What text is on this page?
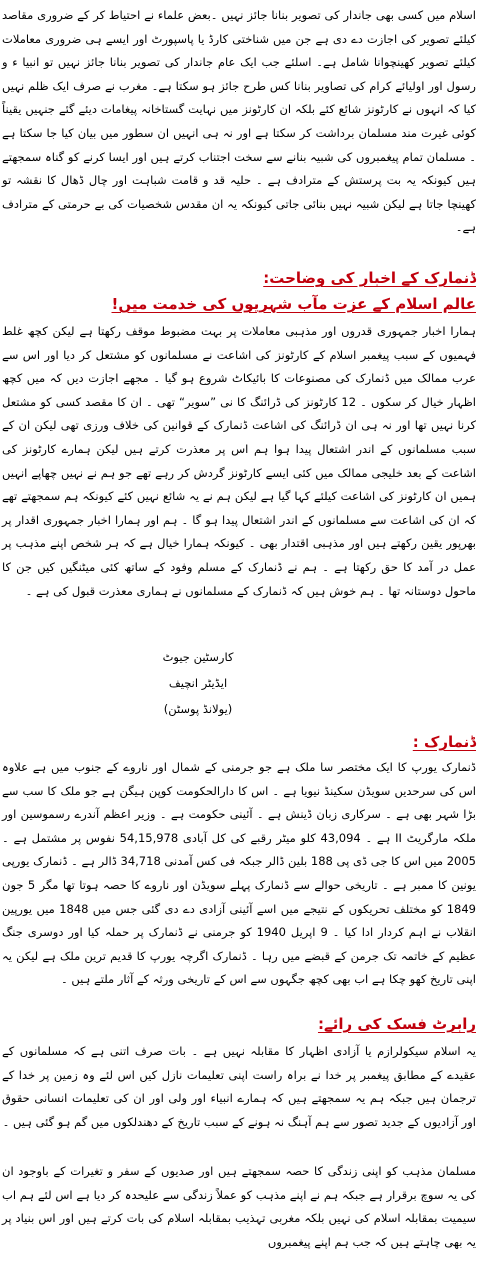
اسلام میں کسی بھی جاندار کی تصویر بنانا جائز نہیں ۔بعض علماء نے احتیاط کر کے ضروری مقاصد کیلئے تصویر کی اجازت دے دی ہے جن میں شناختی کارڈ یا پاسپورٹ اور ایسے ہی ضروری معاملات کیلئے تصویر کھینچوانا شامل ہے۔ اسلئے جب ایک عام جاندار کی تصویر بنانا جائز نہیں تو انبیا ء و رسول اور اولیائے کرام کی تصاویر بنانا کس طرح جائز ہو سکتا ہے۔ مغرب نے صرف ایک ظلم نہیں کیا کہ انہوں نے کارٹونز شائع کئے بلکہ ان کارٹونز میں نہایت گستاخانہ پیغامات دیئے گئے جنہیں یقیناً کوئی غیرت مند مسلمان برداشت کر سکتا ہے اور نہ ہی انہیں ان سطور میں بیان کیا جا سکتا ہے ۔ مسلمان تمام پیغمبروں کی شبیہ بنانے سے سخت اجتناب کرتے ہیں اور ایسا کرنے کو گناہ سمجھتے ہیں کیونکہ یہ بت پرستش کے مترادف ہے ۔ حلیہ قد و قامت شباہت اور چال ڈھال کا نقشہ تو کھینچا جاتا ہے لیکن شبیہ نہیں بنائی جاتی کیونکہ یہ ان مقدس شخصیات کی بے حرمتی کے مترادف ہے۔

ڈنمارک کے اخبار کی وضاحت:
عالم اسلام کے عزت مآب شہریوں کی خدمت میں!

ہمارا اخبار جمہوری قدروں اور مذہبی معاملات پر بہت مضبوط موقف رکھتا ہے لیکن کچھ غلط فہمیوں کے سبب پیغمبر اسلام کے کارٹونز کی اشاعت نے مسلمانوں کو مشتعل کر دیا اور اس سے عرب ممالک میں ڈنمارک کی مصنوعات کا بائیکاٹ شروع ہو گیا ۔ مجھے اجازت دیں کہ میں کچھ اظہار خیال کر سکوں ۔ 12 کارٹونز کی ڈرائنگ کا نی ”سویر“ تھی ۔ ان کا مقصد کسی کو مشتعل کرنا نہیں تھا اور نہ ہی ان ڈرائنگ کی اشاعت ڈنمارک کے قوانین کی خلاف ورزی تھی لیکن ان کے سبب مسلمانوں کے اندر اشتعال پیدا ہوا ہم اس پر معذرت کرتے ہیں لیکن ہمارے کارٹونز کی اشاعت کے بعد خلیجی ممالک میں کئی ایسے کارٹونز گردش کر رہے تھے جو ہم نے نہیں چھاپے انہیں ہمیں ان کارٹونز کی اشاعت کیلئے کہا گیا ہے لیکن ہم نے یہ شائع نہیں کئے کیونکہ ہم سمجھتے تھے کہ ان کی اشاعت سے مسلمانوں کے اندر اشتعال پیدا ہو گا ۔ ہم اور ہمارا اخبار جمہوری اقدار پر بھرپور یقین رکھتے ہیں اور مذہبی اقتدار بھی ۔ کیونکہ ہمارا خیال ہے کہ ہر شخص اپنے مذہب پر عمل در آمد کا حق رکھتا ہے ۔ ہم نے ڈنمارک کے مسلم وفود کے ساتھ کئی میٹنگیں کیں جن کا ماحول دوستانہ تھا ۔ ہم خوش ہیں کہ ڈنمارک کے مسلمانوں نے ہماری معذرت قبول کی ہے ۔

کارسٹین جیوٹ

ایڈیٹر انچیف

(یولانڈ پوسٹن)

ڈنمارک :

ڈنمارک یورپ کا ایک مختصر سا ملک ہے جو جرمنی کے شمال اور ناروے کے جنوب میں ہے علاوہ اس کی سرحدیں سویڈن سکینڈ نیویا ہے ۔ اس کا دارالحکومت کوپن ہیگن ہے جو ملک کا سب سے بڑا شہر بھی ہے ۔ سرکاری زبان ڈینش ہے ۔ آئینی حکومت ہے ۔ وزیر اعظم آندرے رسموسین اور ملکہ مارگریٹ II ہے ۔ 43,094 کلو میٹر رقبے کی کل آبادی 54,15,978 نفوس پر مشتمل ہے ۔ 2005 میں اس کا جی ڈی پی 188 بلین ڈالر جبکہ فی کس آمدنی 34,718 ڈالر ہے ۔ ڈنمارک یورپی یونین کا ممبر ہے ۔ تاریخی حوالے سے ڈنمارک پہلے سویڈن اور ناروے کا حصہ ہوتا تھا مگر 5 جون 1849 کو مختلف تحریکوں کے نتیجے میں اسے آئینی آزادی دے دی گئی جس میں 1848 میں یورپین انقلاب نے اہم کردار ادا کیا ۔ 9 اپریل 1940 کو جرمنی نے ڈنمارک پر حملہ کیا اور دوسری جنگ عظیم کے خاتمہ تک جرمن کے قبضے میں رہا ۔ ڈنمارک اگرچہ یورپ کا قدیم ترین ملک ہے لیکن یہ اپنی تاریخ کھو چکا ہے اب بھی کچھ جگہوں سے اس کے تاریخی ورثہ کے آثار ملتے ہیں ۔

رابرٹ فسک کی رائے:

یہ اسلام سیکولرازم یا آزادی اظہار کا مقابلہ نہیں ہے ۔ بات صرف اتنی ہے کہ مسلمانوں کے عقیدے کے مطابق پیغمبر پر خدا نے براہ راست اپنی تعلیمات نازل کیں اس لئے وہ زمین پر خدا کے ترجمان ہیں جبکہ ہم یہ سمجھتے ہیں کہ ہمارے انبیاء اور ولی اور ان کی تعلیمات انسانی حقوق اور آزادیوں کے جدید تصور سے ہم آہنگ نہ ہونے کے سبب تاریخ کے دھندلکوں میں گم ہو گئی ہیں ۔

مسلمان مذہب کو اپنی زندگی کا حصہ سمجھتے ہیں اور صدیوں کے سفر و تغیرات کے باوجود ان کی یہ سوچ برقرار ہے جبکہ ہم نے اپنے مذہب کو عملاً زندگی سے علیحدہ کر دیا ہے اس لئے ہم اب سیمیت بمقابلہ اسلام کی نہیں بلکہ مغربی تہذیب بمقابلہ اسلام کی بات کرتے ہیں اور اس بنیاد پر یہ بھی چاہتے ہیں کہ جب ہم اپنے پیغمبروں
